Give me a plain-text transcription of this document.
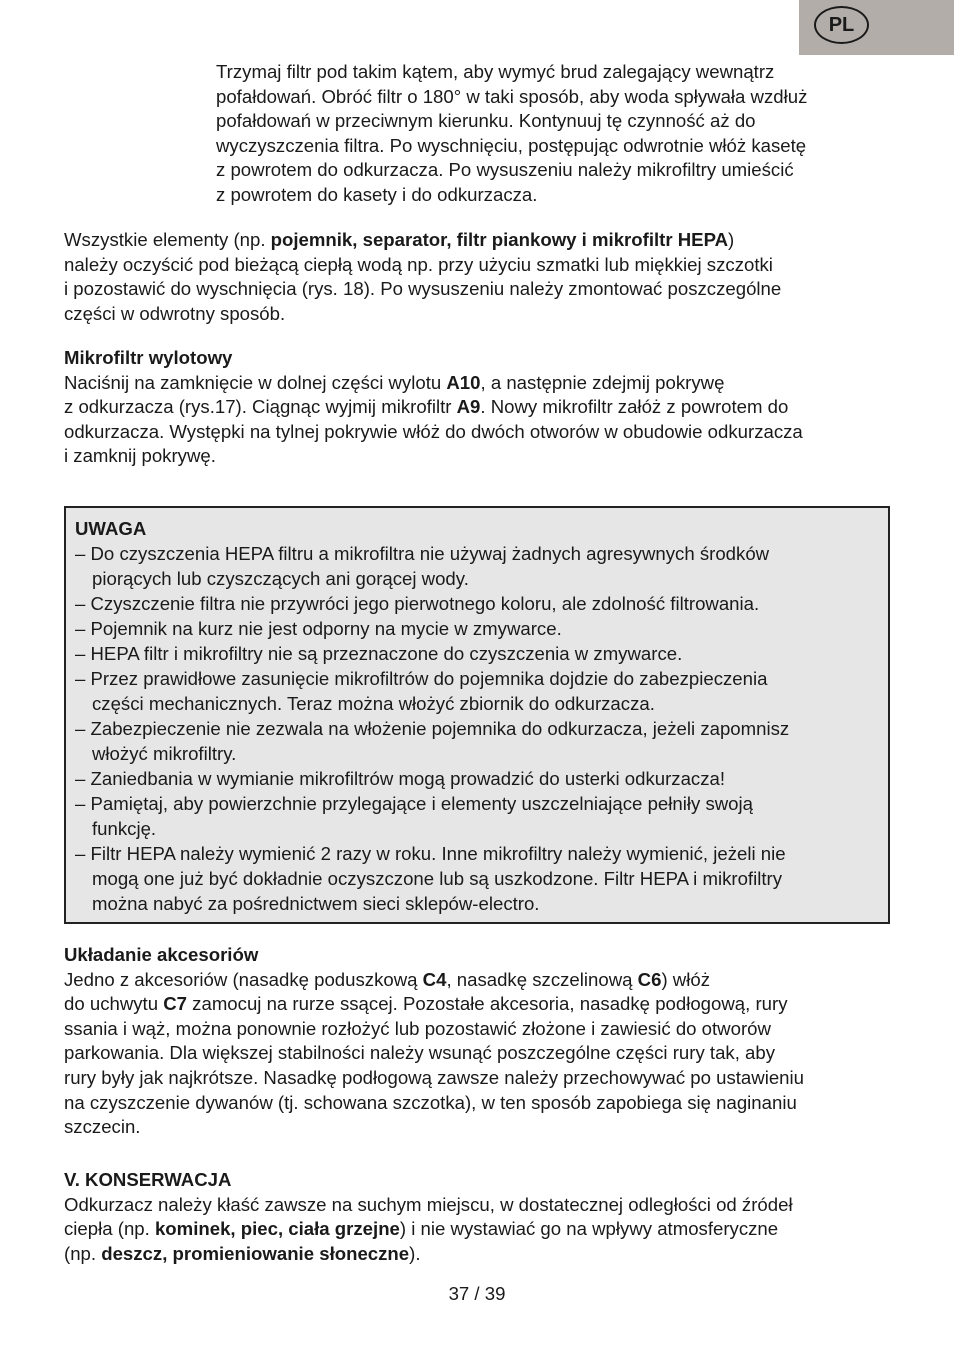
PL

Trzymaj filtr pod takim kątem, aby wymyć brud zalegający wewnątrz
pofałdowań. Obróć filtr o 180° w taki sposób, aby woda spływała wzdłuż
pofałdowań w przeciwnym kierunku. Kontynuuj tę czynność aż do
wyczyszczenia filtra. Po wyschnięciu, postępując odwrotnie włóż kasetę
z powrotem do odkurzacza. Po wysuszeniu należy mikrofiltry umieścić
z powrotem do kasety i do odkurzacza.

Wszystkie elementy (np. pojemnik, separator, filtr piankowy i mikrofiltr HEPA)
należy oczyścić pod bieżącą ciepłą wodą np. przy użyciu szmatki lub miękkiej szczotki
i pozostawić do wyschnięcia (rys. 18). Po wysuszeniu należy zmontować poszczególne
części w odwrotny sposób.

Mikrofiltr wylotowy
Naciśnij na zamknięcie w dolnej części wylotu A10, a następnie zdejmij pokrywę
z odkurzacza (rys.17). Ciągnąc wyjmij mikrofiltr A9. Nowy mikrofiltr załóż z powrotem do
odkurzacza. Występki na tylnej pokrywie włóż do dwóch otworów w obudowie odkurzacza
i zamknij pokrywę.

UWAGA
– Do czyszczenia HEPA filtru a mikrofiltra nie używaj żadnych agresywnych środków
piorących lub czyszczących ani gorącej wody.
– Czyszczenie filtra nie przywróci jego pierwotnego koloru, ale zdolność filtrowania.
– Pojemnik na kurz nie jest odporny na mycie w zmywarce.
– HEPA filtr i mikrofiltry nie są przeznaczone do czyszczenia w zmywarce.
– Przez prawidłowe zasunięcie mikrofiltrów do pojemnika dojdzie do zabezpieczenia
części mechanicznych. Teraz można włożyć zbiornik do odkurzacza.
– Zabezpieczenie nie zezwala na włożenie pojemnika do odkurzacza, jeżeli zapomnisz
włożyć mikrofiltry.
– Zaniedbania w wymianie mikrofiltrów mogą prowadzić do usterki odkurzacza!
– Pamiętaj, aby powierzchnie przylegające i elementy uszczelniające pełniły swoją
funkcję.
– Filtr HEPA należy wymienić 2 razy w roku. Inne mikrofiltry należy wymienić, jeżeli nie
mogą one już być dokładnie oczyszczone lub są uszkodzone. Filtr HEPA i mikrofiltry
można nabyć za pośrednictwem sieci sklepów-electro.

Układanie akcesoriów
Jedno z akcesoriów (nasadkę poduszkową C4, nasadkę szczelinową C6) włóż
do uchwytu C7 zamocuj na rurze ssącej. Pozostałe akcesoria, nasadkę podłogową, rury
ssania i wąż, można ponownie rozłożyć lub pozostawić złożone i zawiesić do otworów
parkowania. Dla większej stabilności należy wsunąć poszczególne części rury tak, aby
rury były jak najkrótsze. Nasadkę podłogową zawsze należy przechowywać po ustawieniu
na czyszczenie dywanów (tj. schowana szczotka), w ten sposób zapobiega się naginaniu
szczecin.

V. KONSERWACJA
Odkurzacz należy kłaść zawsze na suchym miejscu, w dostatecznej odległości od źródeł
ciepła (np. kominek, piec, ciała grzejne) i nie wystawiać go na wpływy atmosferyczne
(np. deszcz, promieniowanie słoneczne).

37 / 39
